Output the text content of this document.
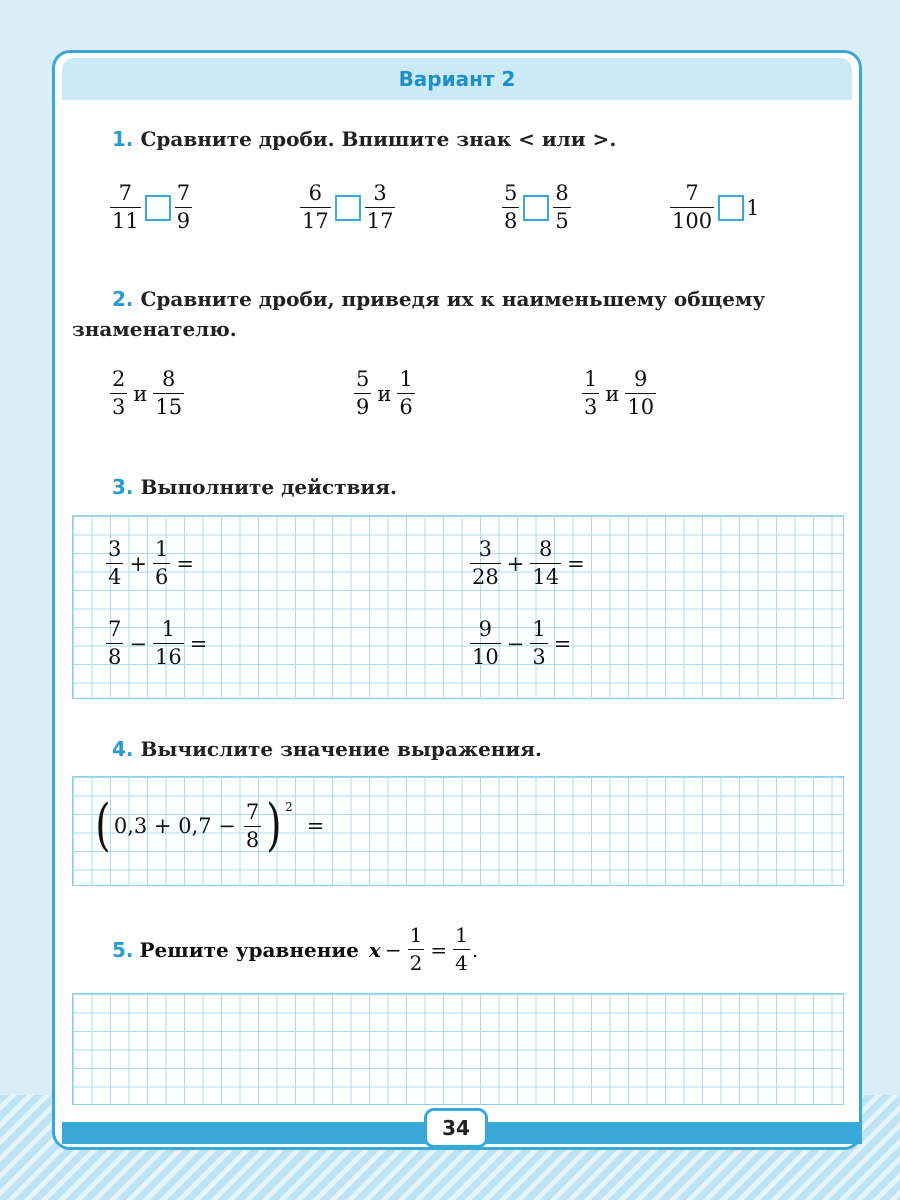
Вариант 2
1. Сравните дроби. Впишите знак < или >.
$\frac{7}{11} \frac{7}{9}$	$\frac{6}{17} \frac{3}{17}$	$\frac{5}{8} \frac{8}{5}$	$\frac{7}{100} 1$
2. Сравните дроби, приведя их к наименьшему общему знаменателю.
$\frac{2}{3}$ и $\frac{8}{15}$	$\frac{5}{9}$ и $\frac{1}{6}$	$\frac{1}{3}$ и $\frac{9}{10}$
3. Выполните действия.
$\frac{3}{4} + \frac{1}{6}$ =	$\frac{3}{28} + \frac{8}{14}$ =
$\frac{7}{8} - \frac{1}{16}$ =	$\frac{9}{10} - \frac{1}{3}$ =
4. Вычислите значение выражения.
( $0,3 + 0,7 - \frac{7}{8}$ ) 2
=
5. Решите уравнение $x - \frac{1}{2} = \frac{1}{4}$ .
34
